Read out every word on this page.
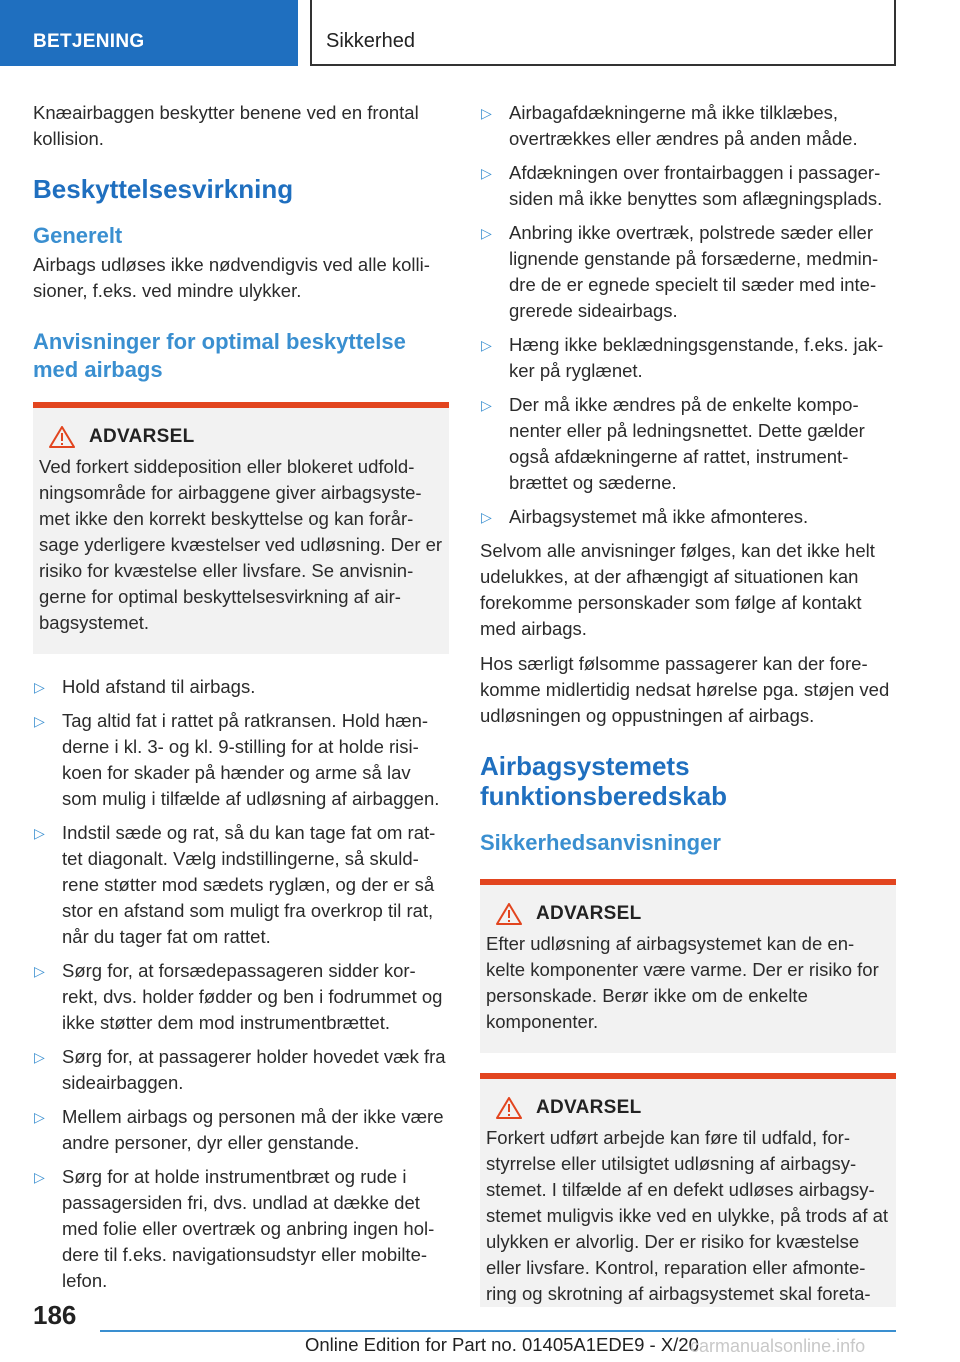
BETJENING	Sikkerhed

Knæairbaggen beskytter benene ved en frontal kollision.

Beskyttelsesvirkning
Generelt

Airbags udløses ikke nødvendigvis ved alle kolli-sioner, f.eks. ved mindre ulykker.

Anvisninger for optimal beskyttelse med airbags
ADVARSEL

Ved forkert siddeposition eller blokeret udfold-ningsområde for airbaggene giver airbagsyste-met ikke den korrekt beskyttelse og kan forår-sage yderligere kvæstelser ved udløsning. Der er risiko for kvæstelse eller livsfare. Se anvisnin-gerne for optimal beskyttelsesvirkning af air-bagsystemet.

▷ Hold afstand til airbags.
▷ Tag altid fat i rattet på ratkransen. Hold hæn-derne i kl. 3- og kl. 9-stilling for at holde risi-koen for skader på hænder og arme så lav som mulig i tilfælde af udløsning af airbaggen.
▷ Indstil sæde og rat, så du kan tage fat om rat-tet diagonalt. Vælg indstillingerne, så skuld-rene støtter mod sædets ryglæn, og der er så stor en afstand som muligt fra overkrop til rat, når du tager fat om rattet.
▷ Sørg for, at forsædepassageren sidder kor-rekt, dvs. holder fødder og ben i fodrummet og ikke støtter dem mod instrumentbrættet.
▷ Sørg for, at passagerer holder hovedet væk fra sideairbaggen.
▷ Mellem airbags og personen må der ikke være andre personer, dyr eller genstande.
▷ Sørg for at holde instrumentbræt og rude i passagersiden fri, dvs. undlad at dække det med folie eller overtræk og anbring ingen hol-dere til f.eks. navigationsudstyr eller mobilte-lefon.
▷ Airbagafdækningerne må ikke tilklæbes, overtrækkes eller ændres på anden måde.
▷ Afdækningen over frontairbaggen i passager-siden må ikke benyttes som aflægningsplads.
▷ Anbring ikke overtræk, polstrede sæder eller lignende genstande på forsæderne, medmin-dre de er egnede specielt til sæder med inte-grerede sideairbags.
▷ Hæng ikke beklædningsgenstande, f.eks. jak-ker på ryglænet.
▷ Der må ikke ændres på de enkelte kompo-nenter eller på ledningsnettet. Dette gælder også afdækningerne af rattet, instrument-brættet og sæderne.
▷ Airbagsystemet må ikke afmonteres.

Selvom alle anvisninger følges, kan det ikke helt udelukkes, at der afhængigt af situationen kan forekomme personskader som følge af kontakt med airbags.

Hos særligt følsomme passagerer kan der fore-komme midlertidig nedsat hørelse pga. støjen ved udløsningen og oppustningen af airbags.

Airbagsystemets funktionsberedskab
Sikkerhedsanvisninger
ADVARSEL

Efter udløsning af airbagsystemet kan de en-kelte komponenter være varme. Der er risiko for personskade. Berør ikke om de enkelte komponenter.

ADVARSEL

Forkert udført arbejde kan føre til udfald, for-styrrelse eller utilsigtet udløsning af airbagsy-stemet. I tilfælde af en defekt udløses airbagsy-stemet muligvis ikke ved en ulykke, på trods af at ulykken er alvorlig. Der er risiko for kvæstelse eller livsfare. Kontrol, reparation eller afmonte-ring og skrotning af airbagsystemet skal foreta-

186
Online Edition for Part no. 01405A1EDE9 - X/20
carmanualsonline.info
